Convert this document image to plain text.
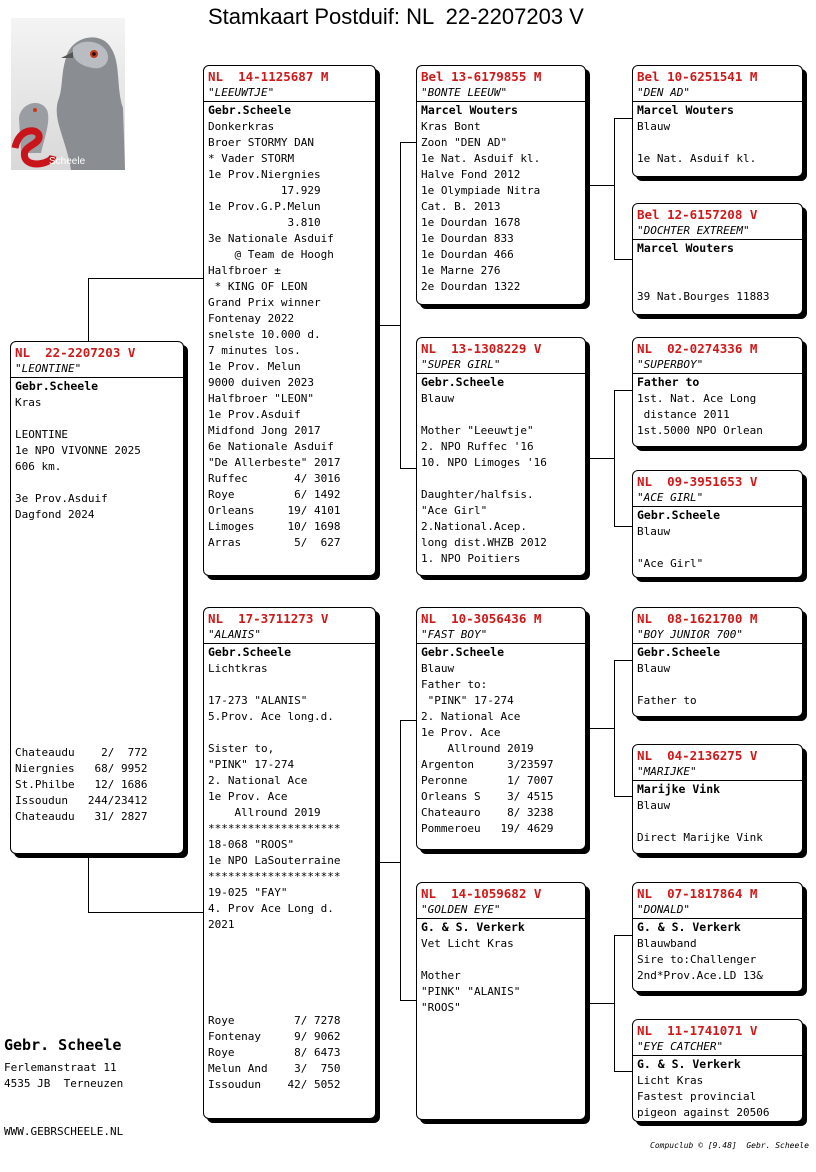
Stamkaart Postduif: NL  22-2207203 V
Scheele
NL  22-2207203 V
"LEONTINE"
Gebr.Scheele
Kras

LEONTINE
1e NPO VIVONNE 2025
606 km.

3e Prov.Asduif
Dagfond 2024
Chateaudu    2/  772
Niergnies   68/ 9952
St.Philbe   12/ 1686
Issoudun   244/23412
Chateaudu   31/ 2827
NL  14-1125687 M
"LEEUWTJE"
Gebr.Scheele
Donkerkras
Broer STORMY DAN
* Vader STORM
1e Prov.Niergnies
17.929
1e Prov.G.P.Melun
3.810
3e Nationale Asduif
@ Team de Hoogh
Halfbroer ±
* KING OF LEON
Grand Prix winner
Fontenay 2022
snelste 10.000 d.
7 minutes los.
1e Prov. Melun
9000 duiven 2023
Halfbroer "LEON"
1e Prov.Asduif
Midfond Jong 2017
6e Nationale Asduif
"De Allerbeste" 2017
Ruffec       4/ 3016
Roye         6/ 1492
Orleans     19/ 4101
Limoges     10/ 1698
Arras        5/  627
NL  17-3711273 V
"ALANIS"
Gebr.Scheele
Lichtkras

17-273 "ALANIS"
5.Prov. Ace long.d.

Sister to,
"PINK" 17-274
2. National Ace
1e Prov. Ace
Allround 2019
********************
18-068 "ROOS"
1e NPO LaSouterraine
********************
19-025 "FAY"
4. Prov Ace Long d.
2021
Roye         7/ 7278
Fontenay     9/ 9062
Roye         8/ 6473
Melun And    3/  750
Issoudun    42/ 5052
Bel 13-6179855 M
"BONTE LEEUW"
Marcel Wouters
Kras Bont
Zoon "DEN AD"
1e Nat. Asduif kl.
Halve Fond 2012
1e Olympiade Nitra
Cat. B. 2013
1e Dourdan 1678
1e Dourdan 833
1e Dourdan 466
1e Marne 276
2e Dourdan 1322
NL  13-1308229 V
"SUPER GIRL"
Gebr.Scheele
Blauw

Mother "Leeuwtje"
2. NPO Ruffec '16
10. NPO Limoges '16

Daughter/halfsis.
"Ace Girl"
2.National.Acep.
long dist.WHZB 2012
1. NPO Poitiers
NL  10-3056436 M
"FAST BOY"
Gebr.Scheele
Blauw
Father to:
"PINK" 17-274
2. National Ace
1e Prov. Ace
Allround 2019
Argenton     3/23597
Peronne      1/ 7007
Orleans S    3/ 4515
Chateauro    8/ 3238
Pommeroeu   19/ 4629
NL  14-1059682 V
"GOLDEN EYE"
G. & S. Verkerk
Vet Licht Kras

Mother
"PINK" "ALANIS"
"ROOS"
Bel 10-6251541 M
"DEN AD"
Marcel Wouters
Blauw

1e Nat. Asduif kl.
Bel 12-6157208 V
"DOCHTER EXTREEM"
Marcel Wouters

39 Nat.Bourges 11883
NL  02-0274336 M
"SUPERBOY"
Father to
1st. Nat. Ace Long
distance 2011
1st.5000 NPO Orlean
NL  09-3951653 V
"ACE GIRL"
Gebr.Scheele
Blauw

"Ace Girl"
NL  08-1621700 M
"BOY JUNIOR 700"
Gebr.Scheele
Blauw

Father to
NL  04-2136275 V
"MARIJKE"
Marijke Vink
Blauw

Direct Marijke Vink
NL  07-1817864 M
"DONALD"
G. & S. Verkerk
Blauwband
Sire to:Challenger
2nd*Prov.Ace.LD 13&
NL  11-1741071 V
"EYE CATCHER"
G. & S. Verkerk
Licht Kras
Fastest provincial
pigeon against 20506
Gebr. Scheele
Ferlemanstraat 11
4535 JB  Terneuzen
WWW.GEBRSCHEELE.NL
Compuclub © [9.48]  Gebr. Scheele
